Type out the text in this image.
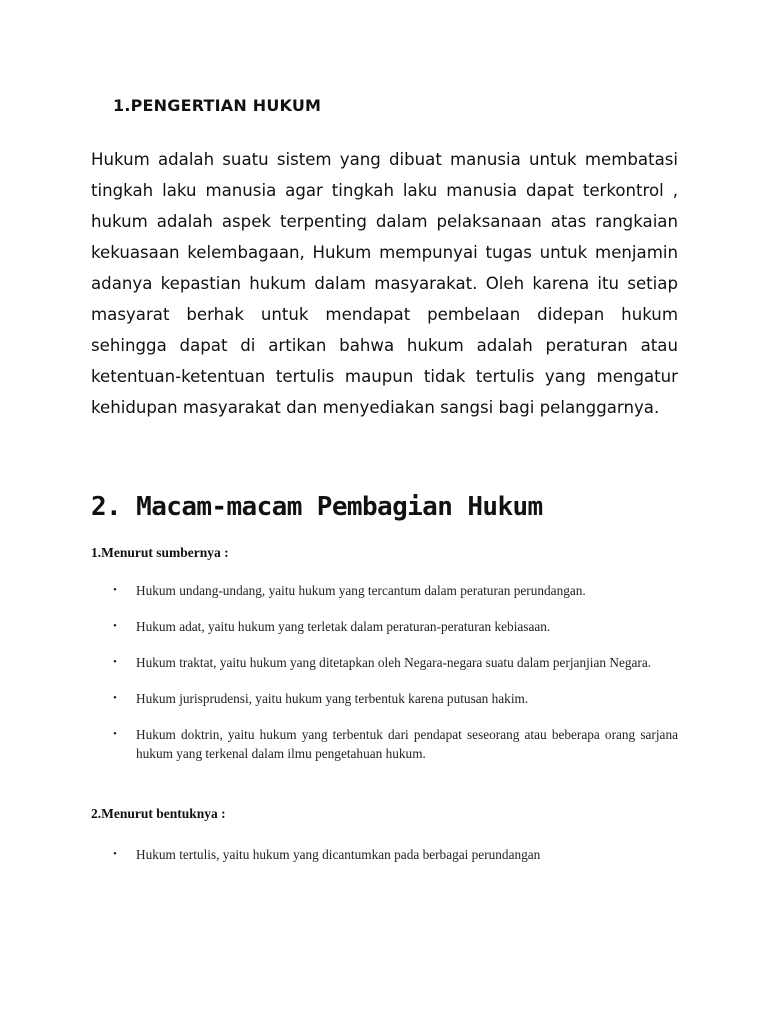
1.PENGERTIAN HUKUM

Hukum adalah suatu sistem yang dibuat manusia untuk membatasi
tingkah laku manusia agar tingkah laku manusia dapat terkontrol ,
hukum adalah aspek terpenting dalam pelaksanaan atas rangkaian
kekuasaan kelembagaan, Hukum mempunyai tugas untuk menjamin
adanya kepastian hukum dalam masyarakat. Oleh karena itu setiap
masyarat berhak untuk mendapat pembelaan didepan hukum
sehingga dapat di artikan bahwa hukum adalah peraturan atau
ketentuan-ketentuan tertulis maupun tidak tertulis yang mengatur
kehidupan masyarakat dan menyediakan sangsi bagi pelanggarnya.

2. Macam-macam Pembagian Hukum

1.Menurut sumbernya :

• Hukum undang-undang, yaitu hukum yang tercantum dalam peraturan perundangan.
• Hukum adat, yaitu hukum yang terletak dalam peraturan-peraturan kebiasaan.
• Hukum traktat, yaitu hukum yang ditetapkan oleh Negara-negara suatu dalam perjanjian Negara.
• Hukum jurisprudensi, yaitu hukum yang terbentuk karena putusan hakim.
• Hukum doktrin, yaitu hukum yang terbentuk dari pendapat seseorang atau beberapa orang sarjana hukum yang terkenal dalam ilmu pengetahuan hukum.

2.Menurut bentuknya :

• Hukum tertulis, yaitu hukum yang dicantumkan pada berbagai perundangan
